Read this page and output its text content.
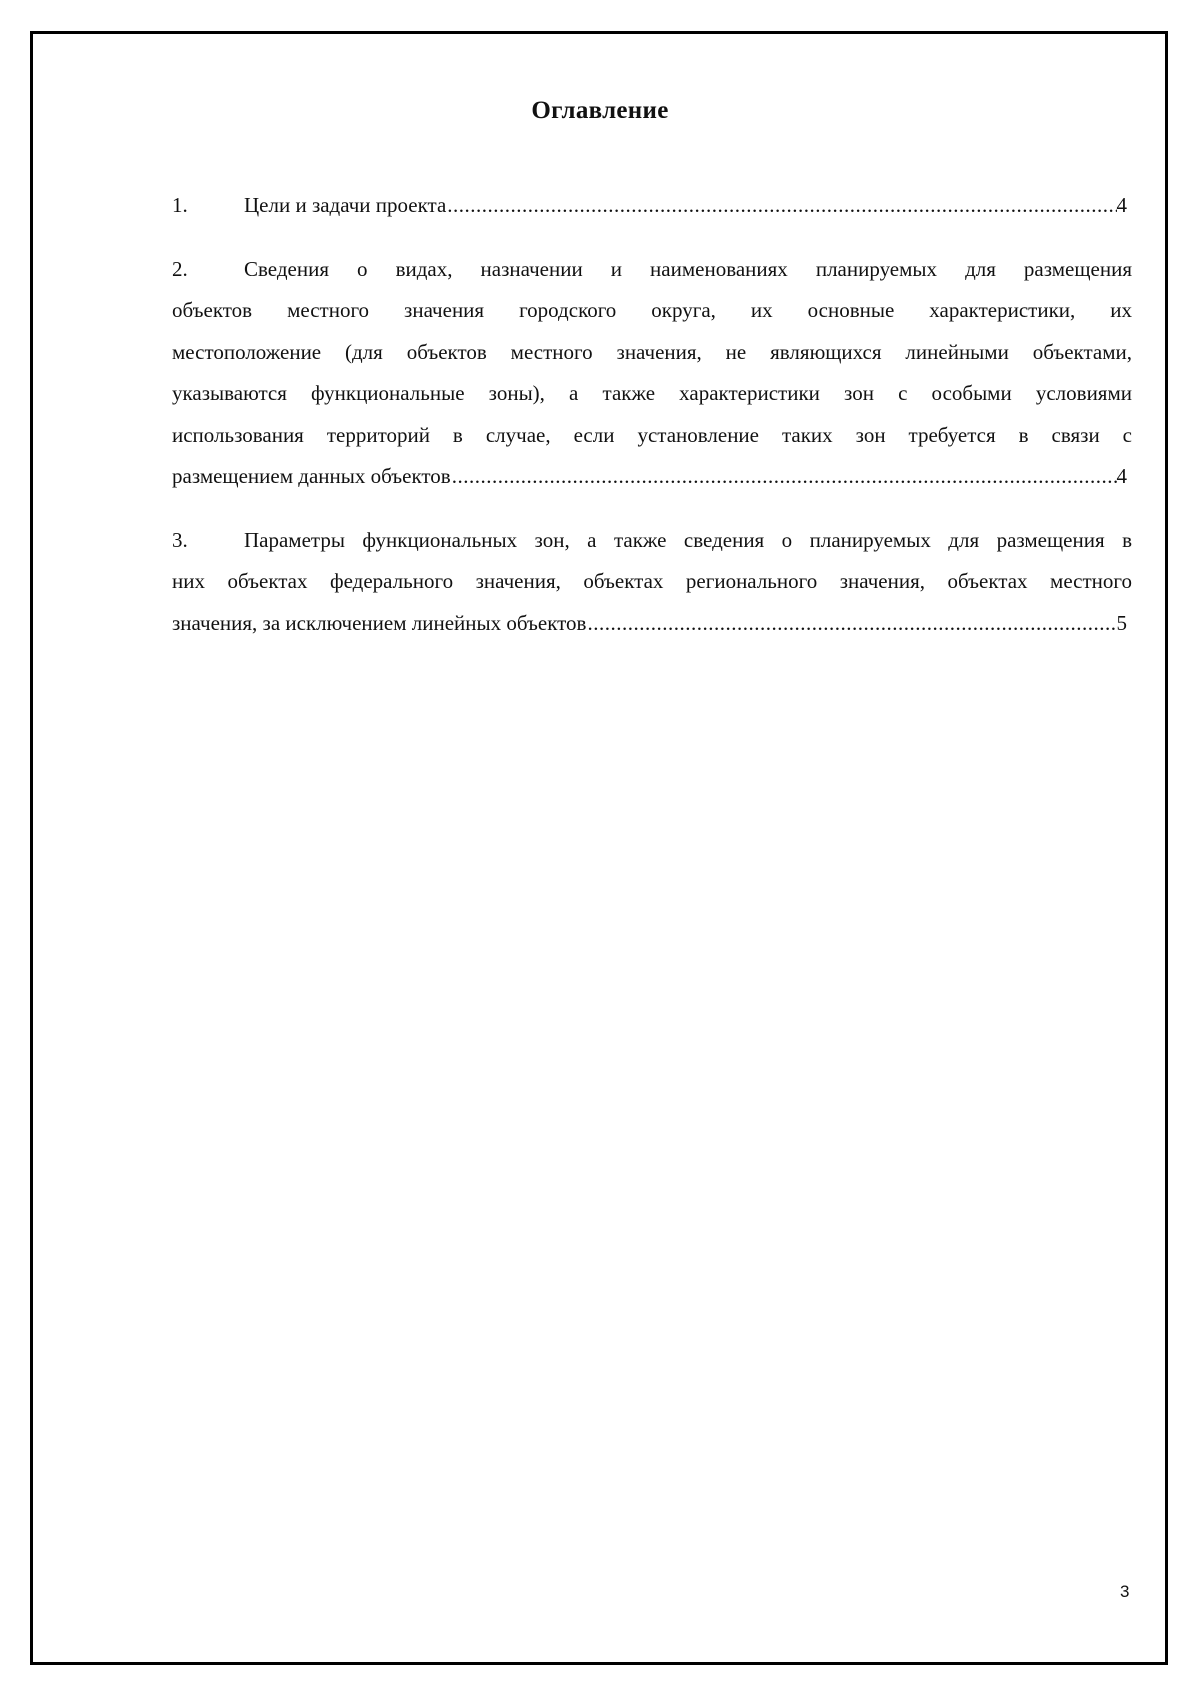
Оглавление
1.	Цели и задачи проекта .....	4
2.	Сведения о видах, назначении и наименованиях планируемых для размещения
объектов местного значения городского округа, их основные характеристики, их
местоположение (для объектов местного значения, не являющихся линейными объектами,
указываются функциональные зоны), а также характеристики зон с особыми условиями
использования территорий в случае, если установление таких зон требуется в связи с
размещением данных объектов .....	4
3.	Параметры функциональных зон, а также сведения о планируемых для размещения в
них объектах федерального значения, объектах регионального значения, объектах местного
значения, за исключением линейных объектов .....	5
3
